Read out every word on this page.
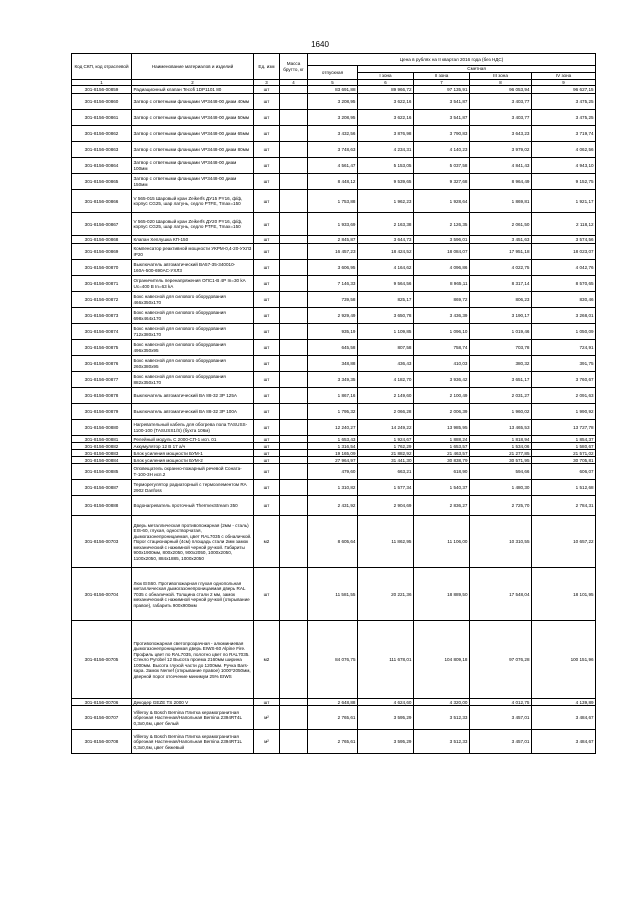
1640
Код СКП, код отраслевой	Наименование материалов и изделий	Ед. изм	Масса брутто, кг	Цена в рублях на II квартал 2016 года (без НДС)				
				отпускная	Сметная			
					I зона	II зона	III зона	IV зона
1	2	3	4	5	6	7	8	9
301-8156-00859	Радиационный клапан Tecofi 1DP1101 80	шт		83 691,88	89 966,72	97 135,91	96 053,94	96 627,15
301-8156-00860	Затвор с ответными фланцами VP3448-00 диам 40мм	шт		3 208,95	3 622,16	3 541,87	3 403,77	3 475,25
301-8156-00861	Затвор с ответными фланцами VP3448-00 диам 50мм	шт		3 208,95	3 622,16	3 541,87	3 403,77	3 475,25
301-8156-00862	Затвор с ответными фланцами VP3448-00 диам 65мм	шт		3 432,56	3 876,98	3 790,83	3 643,23	3 719,74
301-8156-00863	Затвор с ответными фланцами VP3448-00 диам 80мм	шт		3 748,63	4 234,31	4 140,23	3 979,02	4 062,56
301-8156-00864	Затвор с ответными фланцами VP3448-00 диам 100мм	шт		4 561,47	5 153,05	5 037,58	4 841,43	4 943,10
301-8156-00865	Затвор с ответными фланцами VP3448-00 диам 150мм	шт		8 448,12	9 539,65	9 327,68	8 964,49	9 152,75
301-8156-00866	V 565-015 Шаровый кран Zeikerfs ДУ15 PY16, ф/ф, корпус CG25, шар латунь, седло PTFE, Tmax=150	шт		1 753,88	1 962,23	1 928,64	1 869,81	1 921,17
301-8156-00867	V 565-020 Шаровый кран Zeikerfs ДУ20 PY16, ф/ф, корпус CG25, шар латунь, седло PTFE, Tmax=150	шт		1 933,69	2 163,38	2 126,35	2 061,50	2 118,12
301-8156-00868	Клапан Хеплушка КП-150	шт		2 845,87	3 644,73	3 596,01	3 451,63	3 574,56
301-8156-00869	Компенсатор реактивной мощности УКРМ-0,4-20-УХЛ3 IP20	шт		16 457,23	18 424,52	18 084,07	17 951,18	18 023,07
301-8156-00870	Выключатель автоматический ВА57-35-340010-160А-500-690АС-УХЛ3	шт		3 606,95	4 164,62	4 096,86	4 022,75	4 042,76
301-8156-00871	Ограничитель перенапряжения ОПС1-В 4Р In=30 kA Uc=400 В In=63 kA	шт		7 146,33	9 564,56	8 965,11	8 317,14	8 570,65
301-8156-00872	Бокс навесной для силового оборудования 466x350x170	шт		739,58	825,17	869,72	806,23	830,46
301-8156-00873	Бокс навесной для силового оборудования 698x464x170	шт		2 929,49	3 650,78	3 436,39	3 190,17	3 268,01
301-8156-00874	Бокс навесной для силового оборудования 712x380x170	шт		935,19	1 109,85	1 096,10	1 019,46	1 050,09
301-8156-00875	Бокс навесной для силового оборудования 496x350x95	шт		645,58	807,58	758,74	703,78	724,91
301-8156-00876	Бокс навесной для силового оборудования 260x380x95	шт		348,88	436,43	410,03	380,32	391,75
301-8156-00877	Бокс навесной для силового оборудования 882x350x170	шт		3 349,35	4 182,70	3 936,42	3 651,17	3 760,67
301-8156-00878	Выключатель автоматический ВА 88-32 3Р 125А	шт		1 867,16	2 149,60	2 100,49	2 031,27	2 091,63
301-8156-00879	Выключатель автоматический ВА 88-32 3Р 100А	шт		1 795,32	2 066,28	2 006,39	1 960,02	1 990,92
301-8156-00880	Нагревательный кабель для обогрева пола TASUSS-1100-100 (TASUSS1/S) (бухта 106м)	шт		12 240,27	14 249,22	13 985,95	13 465,53	13 727,78
301-8156-00881	Релейный модуль С 2000-СП-1 исп. 01	шт		1 653,43	1 924,67	1 888,24	1 818,94	1 854,37
301-8156-00882	Аккумулятор 12 В 17 а/ч	шт		1 316,54	1 762,29	1 653,57	1 534,06	1 580,67
301-8156-00883	Блок усиления мощности БУМ-1	шт		19 165,09	21 882,92	21 463,57	21 277,85	21 571,02
301-8156-00884	Блок усиления мощности БУМ-2	шт		27 964,97	31 441,30	30 838,79	30 571,95	30 705,81
301-8156-00885	Оповещатель охранно-пожарный речевой Соната-Т-100-3Н исп.2	шт		479,60	663,21	618,90	594,66	606,07
301-8156-00887	Терморегулятор радиаторный с термоэлементом RA 2902 Danfoss	шт		1 310,82	1 577,34	1 540,37	1 480,30	1 512,68
301-8156-00888	Водонагреватель проточный ThermexStream 350	шт		2 431,92	2 904,69	2 836,27	2 725,70	2 784,31
301-8156-00703	Дверь металлическая противопожарная (2мм - сталь) EIS-60, глухая, одностворчатая, дымогазонепроницаемая, цвет RAL7035 с обналичкой. Порог стационарный (4см) площадь стали 2мм замок механический с нажимной черной ручкой. Габариты 900x1900мм, 800x2050, 900x2050, 1000x2050, 1100x2050, 884x1885, 1000x2050	м2		8 605,64	11 862,95	11 106,00	10 310,55	10 657,22
301-8156-00704	Люк EIS60. Противопожарная глухая однопольная металлическая дымогазонепроницаемая дверь RAL 7035 с обналичкой. Толщина стали 2 мм, замок механический с нажимной черной ручкой (открывание правое), габарить 900x900мм	шт		11 581,55	20 221,36	18 889,50	17 548,04	18 101,95
301-8156-00705	Противопожарная светопрозрачная - алюминиевая дымогазонепроницаемая дверь EIWS-60 Alpine Fire. Профиль цвет по RAL7035, полотно цвет по RAL7035. Стекло Pyrobel 12 Высота проема 2160мм ширина 1000мм. Высота глухой части до 1200мм. Ручка Bars-sapa. Замок Nemef (открывание правое) 1000*2050мм, дверной порог отсечение минимум 25% EIWS	м2		84 076,75	111 678,01	104 809,18	97 076,28	100 151,96
301-8156-00706	Декодер GEZE TS 2000 V	шт		2 648,88	4 624,60	4 320,00	4 012,75	4 139,89
301-8156-00707	Villeroy & Bosch Bernina Плитка керамогранитная обрезная Настенная/Напольная Bernina 2394RT4L 0,3x0,6м, цвет белый	м²		2 765,61	3 595,29	3 512,33	3 457,01	3 484,67
301-8156-00708	Villeroy & Bosch Bernina Плитка керамогранитная обрезная Настенная/Напольная Bernina 2394RT1L 0,3x0,6м, цвет бежевый	м²		2 765,61	3 595,29	3 512,33	3 457,01	3 484,67
